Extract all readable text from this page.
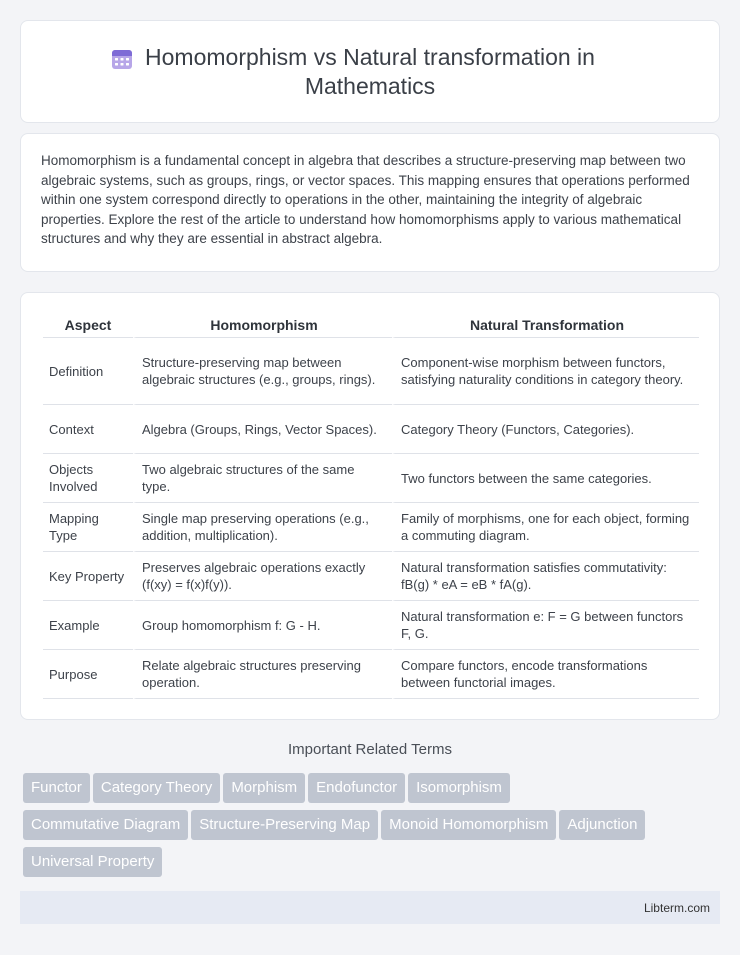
Homomorphism vs Natural transformation in Mathematics

Homomorphism is a fundamental concept in algebra that describes a structure-preserving map between two algebraic systems, such as groups, rings, or vector spaces. This mapping ensures that operations performed within one system correspond directly to operations in the other, maintaining the integrity of algebraic properties. Explore the rest of the article to understand how homomorphisms apply to various mathematical structures and why they are essential in abstract algebra.

Aspect	Homomorphism	Natural Transformation
Definition	Structure-preserving map between algebraic structures (e.g., groups, rings).	Component-wise morphism between functors, satisfying naturality conditions in category theory.
Context	Algebra (Groups, Rings, Vector Spaces).	Category Theory (Functors, Categories).
Objects Involved	Two algebraic structures of the same type.	Two functors between the same categories.
Mapping Type	Single map preserving operations (e.g., addition, multiplication).	Family of morphisms, one for each object, forming a commuting diagram.
Key Property	Preserves algebraic operations exactly (f(xy) = f(x)f(y)).	Natural transformation satisfies commutativity: fB(g) * eA = eB * fA(g).
Example	Group homomorphism f: G - H.	Natural transformation e: F = G between functors F, G.
Purpose	Relate algebraic structures preserving operation.	Compare functors, encode transformations between functorial images.
Important Related Terms
Functor Category Theory Morphism Endofunctor Isomorphism
Commutative Diagram Structure-Preserving Map Monoid Homomorphism Adjunction
Universal Property
Libterm.com
